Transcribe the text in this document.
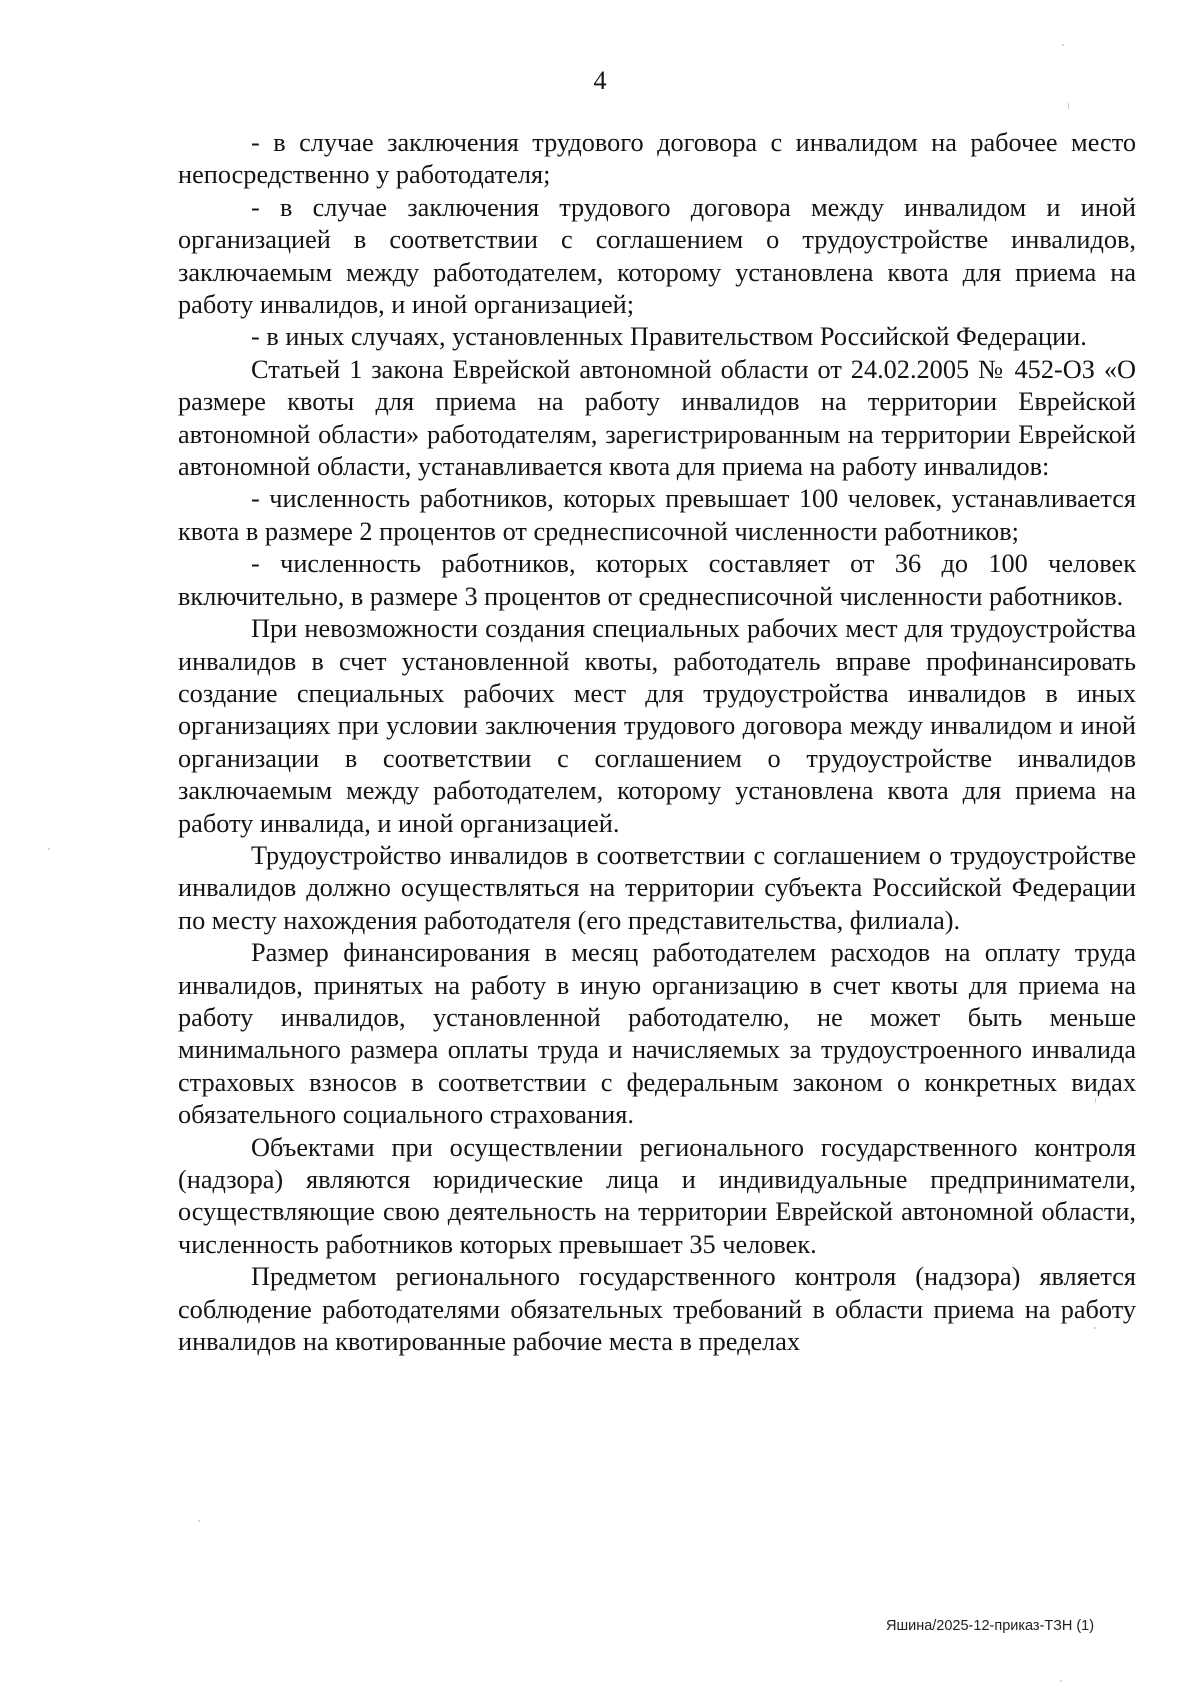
4

- в случае заключения трудового договора с инвалидом на рабочее место непосредственно у работодателя;

- в случае заключения трудового договора между инвалидом и иной организацией в соответствии с соглашением о трудоустройстве инвалидов, заключаемым между работодателем, которому установлена квота для приема на работу инвалидов, и иной организацией;

- в иных случаях, установленных Правительством Российской Федерации.

Статьей 1 закона Еврейской автономной области от 24.02.2005 № 452-ОЗ «О размере квоты для приема на работу инвалидов на территории Еврейской автономной области» работодателям, зарегистрированным на территории Еврейской автономной области, устанавливается квота для приема на работу инвалидов:

- численность работников, которых превышает 100 человек, устанавливается квота в размере 2 процентов от среднесписочной численности работников;

- численность работников, которых составляет от 36 до 100 человек включительно, в размере 3 процентов от среднесписочной численности работников.

При невозможности создания специальных рабочих мест для трудоустройства инвалидов в счет установленной квоты, работодатель вправе профинансировать создание специальных рабочих мест для трудоустройства инвалидов в иных организациях при условии заключения трудового договора между инвалидом и иной организации в соответствии с соглашением о трудоустройстве инвалидов заключаемым между работодателем, которому установлена квота для приема на работу инвалида, и иной организацией.

Трудоустройство инвалидов в соответствии с соглашением о трудоустройстве инвалидов должно осуществляться на территории субъекта Российской Федерации по месту нахождения работодателя (его представительства, филиала).

Размер финансирования в месяц работодателем расходов на оплату труда инвалидов, принятых на работу в иную организацию в счет квоты для приема на работу инвалидов, установленной работодателю, не может быть меньше минимального размера оплаты труда и начисляемых за трудоустроенного инвалида страховых взносов в соответствии с федеральным законом о конкретных видах обязательного социального страхования.

Объектами при осуществлении регионального государственного контроля (надзора) являются юридические лица и индивидуальные предприниматели, осуществляющие свою деятельность на территории Еврейской автономной области, численность работников которых превышает 35 человек.

Предметом регионального государственного контроля (надзора) является соблюдение работодателями обязательных требований в области приема на работу инвалидов на квотированные рабочие места в пределах

Яшина/2025-12-приказ-ТЗН (1)
